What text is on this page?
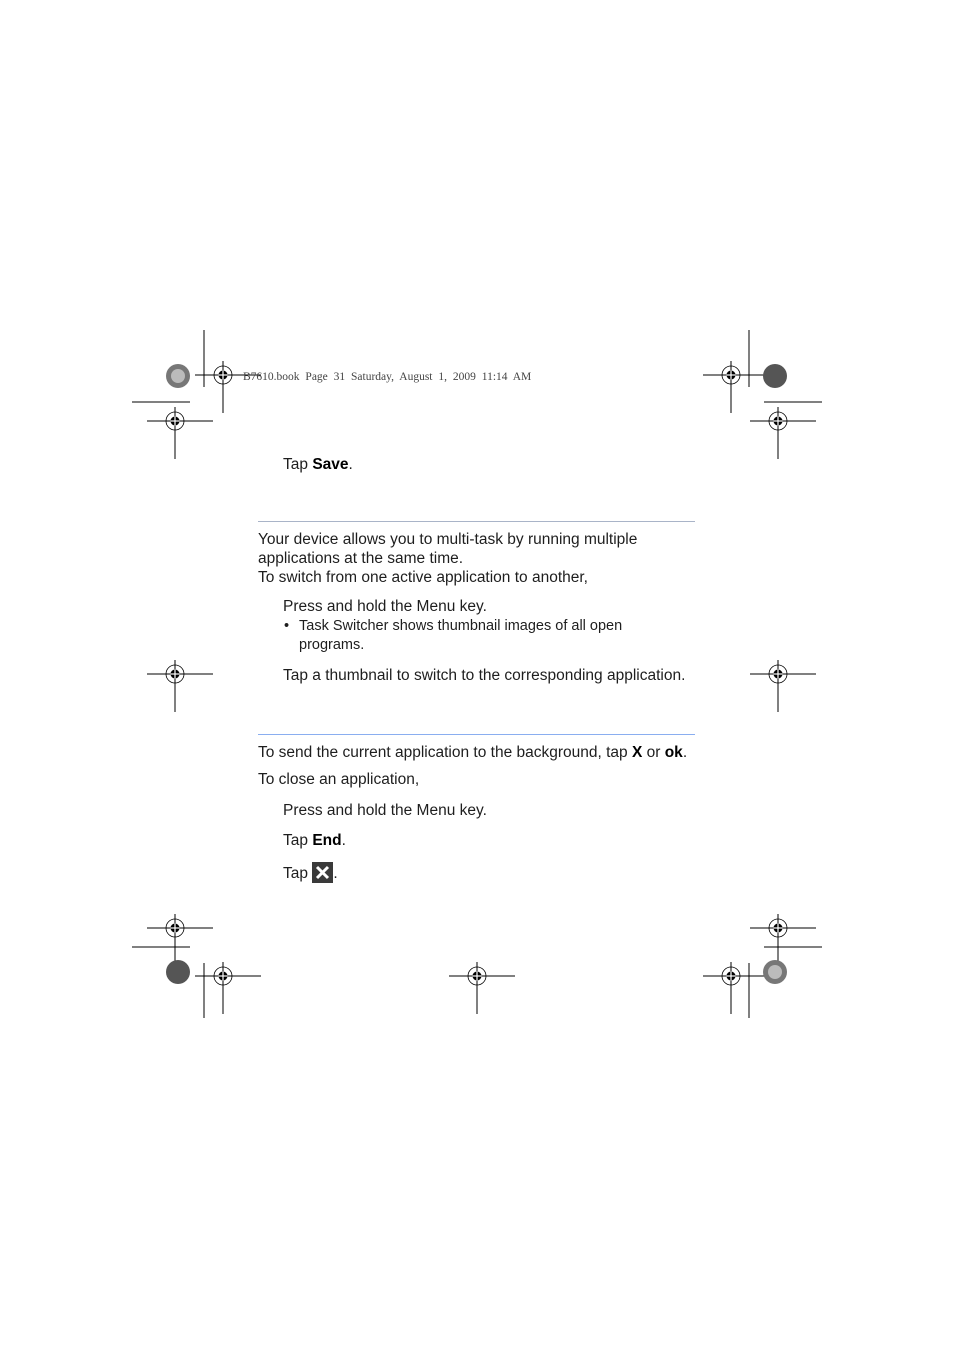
B7610.book Page 31 Saturday, August 1, 2009 11:14 AM
Tap Save.
Your device allows you to multi-task by running multiple
applications at the same time.
To switch from one active application to another,
Press and hold the Menu key.
• Task Switcher shows thumbnail images of all open
programs.
Tap a thumbnail to switch to the corresponding application.
To send the current application to the background, tap X or ok.
To close an application,
Press and hold the Menu key.
Tap End.
Tap
.
